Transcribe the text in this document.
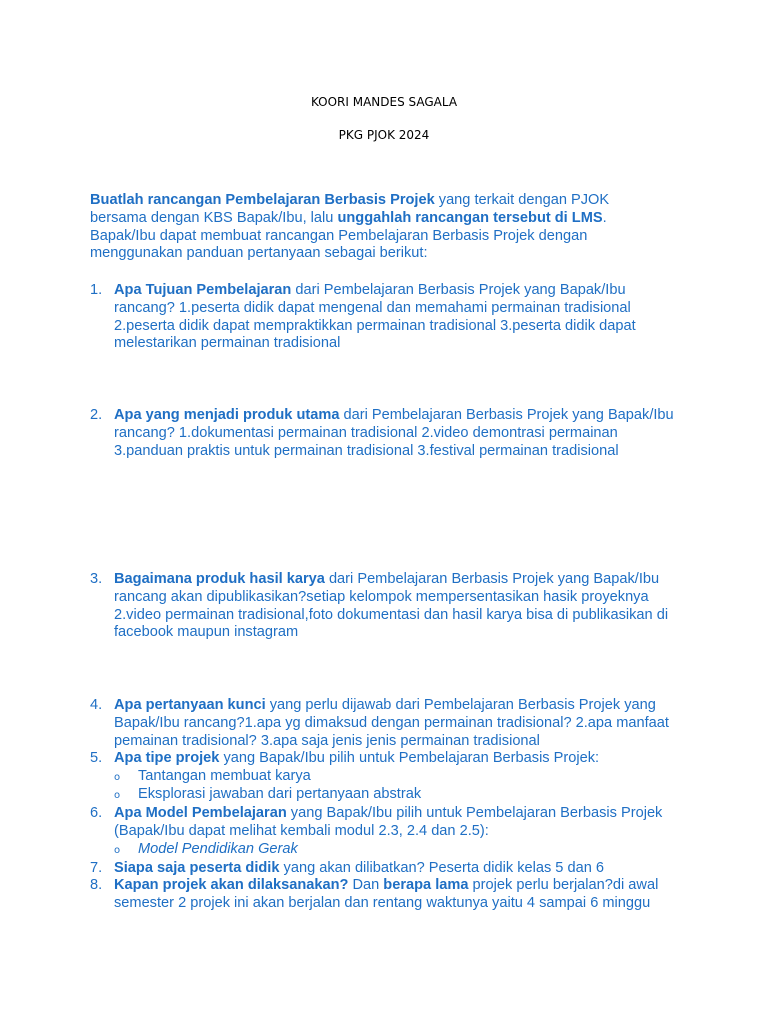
KOORI MANDES SAGALA
PKG PJOK 2024
Buatlah rancangan Pembelajaran Berbasis Projek yang terkait dengan PJOK bersama dengan KBS Bapak/Ibu, lalu unggahlah rancangan tersebut di LMS.
Bapak/Ibu dapat membuat rancangan Pembelajaran Berbasis Projek dengan menggunakan panduan pertanyaan sebagai berikut:
1. Apa Tujuan Pembelajaran dari Pembelajaran Berbasis Projek yang Bapak/Ibu rancang? 1.peserta didik dapat mengenal dan memahami permainan tradisional 2.peserta didik dapat mempraktikkan permainan tradisional 3.peserta didik dapat melestarikan permainan tradisional
2. Apa yang menjadi produk utama dari Pembelajaran Berbasis Projek yang Bapak/Ibu rancang? 1.dokumentasi permainan tradisional 2.video demontrasi permainan 3.panduan praktis untuk permainan tradisional 3.festival permainan tradisional
3. Bagaimana produk hasil karya dari Pembelajaran Berbasis Projek yang Bapak/Ibu rancang akan dipublikasikan?setiap kelompok mempersentasikan hasik proyeknya 2.video permainan tradisional,foto dokumentasi dan hasil karya bisa di publikasikan di facebook maupun instagram
4. Apa pertanyaan kunci yang perlu dijawab dari Pembelajaran Berbasis Projek yang Bapak/Ibu rancang?1.apa yg dimaksud dengan permainan tradisional? 2.apa manfaat pemainan tradisional? 3.apa saja jenis jenis permainan tradisional
5. Apa tipe projek yang Bapak/Ibu pilih untuk Pembelajaran Berbasis Projek:
o Tantangan membuat karya
o Eksplorasi jawaban dari pertanyaan abstrak
6. Apa Model Pembelajaran yang Bapak/Ibu pilih untuk Pembelajaran Berbasis Projek (Bapak/Ibu dapat melihat kembali modul 2.3, 2.4 dan 2.5):
o Model Pendidikan Gerak
7. Siapa saja peserta didik yang akan dilibatkan? Peserta didik kelas 5 dan 6
8. Kapan projek akan dilaksanakan? Dan berapa lama projek perlu berjalan?di awal semester 2 projek ini akan berjalan dan rentang waktunya yaitu 4 sampai 6 minggu
